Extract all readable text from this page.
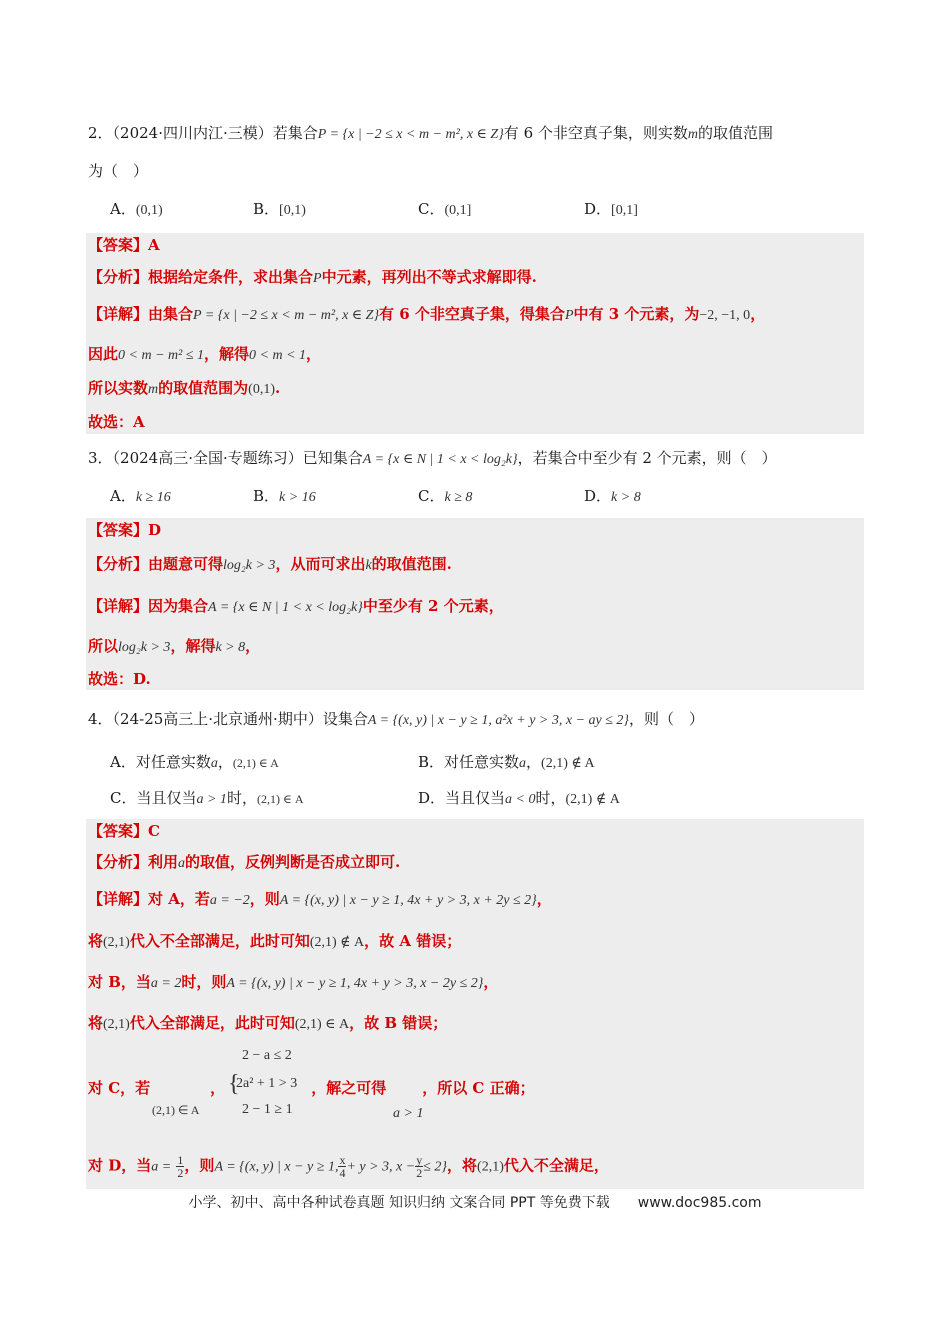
2．（2024·四川内江·三模）若集合P = {x | −2 ≤ x < m − m², x ∈ Z}有 6 个非空真子集，则实数m的取值范围
为（　）
A．(0,1)	B．[0,1)	C．(0,1]	D．[0,1]
【答案】A
【分析】根据给定条件，求出集合P中元素，再列出不等式求解即得.
【详解】由集合P = {x | −2 ≤ x < m − m², x ∈ Z}有 6 个非空真子集，得集合P中有 3 个元素，为−2, −1, 0，
因此0 < m − m² ≤ 1，解得0 < m < 1，
所以实数m的取值范围为(0,1).
故选：A
3．（2024高三·全国·专题练习）已知集合A = {x ∈ N | 1 < x < log₂k}，若集合中至少有 2 个元素，则（　）
A．k ≥ 16	B．k > 16	C．k ≥ 8	D．k > 8
【答案】D
【分析】由题意可得log₂k > 3，从而可求出k的取值范围.
【详解】因为集合A = {x ∈ N | 1 < x < log₂k}中至少有 2 个元素，
所以log₂k > 3，解得k > 8，
故选：D.
4．（24-25高三上·北京通州·期中）设集合A = {(x, y) | x − y ≥ 1, a²x + y > 3, x − ay ≤ 2}，则（　）
A．对任意实数a，(2,1) ∈ A	B．对任意实数a，(2,1) ∉ A
C．当且仅当a > 1时，(2,1) ∈ A	D．当且仅当a < 0时，(2,1) ∉ A
【答案】C
【分析】利用a的取值，反例判断是否成立即可.
【详解】对 A，若a = −2，则A = {(x, y) | x − y ≥ 1, 4x + y > 3, x + 2y ≤ 2}，
将(2,1)代入不全部满足，此时可知(2,1) ∉ A，故 A 错误；
对 B，当a = 2时，则A = {(x, y) | x − y ≥ 1, 4x + y > 3, x − 2y ≤ 2}，
将(2,1)代入全部满足，此时可知(2,1) ∈ A，故 B 错误；
对 C，若	，	，解之可得 ，所以 C 正确；
(2,1) ∈ A
{
2 − a ≤ 2
2a² + 1 > 3
2 − 1 ≥ 1	a > 1
对 D，当$a = \frac{1}{2}$ ，则A = {(x, y) | x − y ≥ 1, $\frac{x}{4} + y > 3$, $x - \frac{y}{2} \le 2$}，将(2,1)代入不全满足，
小学、初中、高中各种试卷真题 知识归纳 文案合同 PPT 等免费下载 www.doc985.com
